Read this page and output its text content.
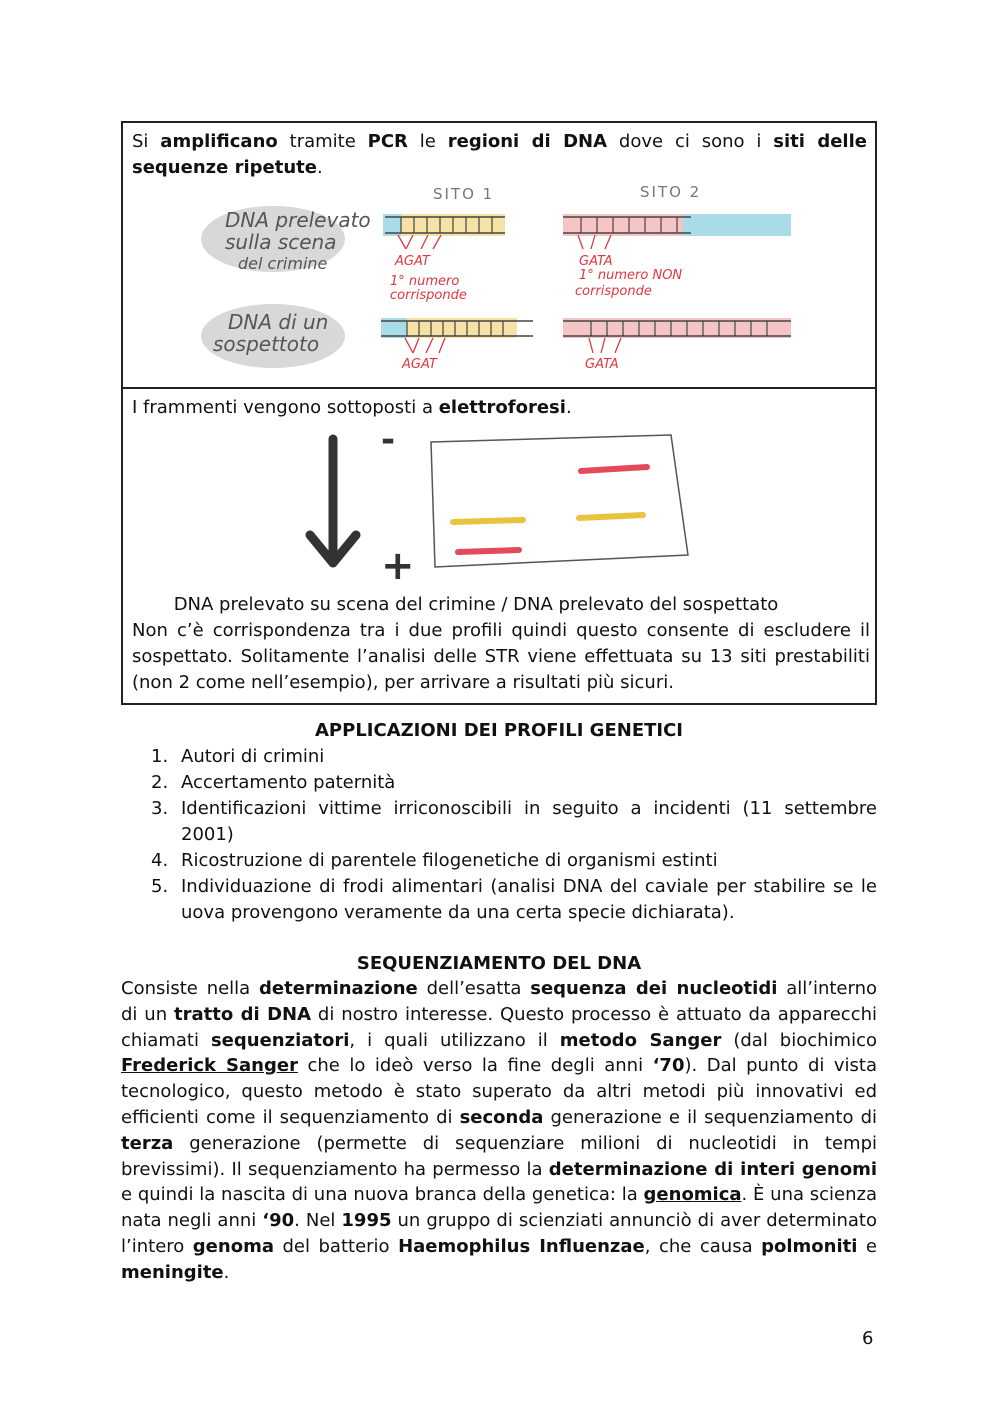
Si amplificano tramite PCR le regioni di DNA dove ci sono i siti delle sequenze ripetute.
DNA prelevato
sulla scena
del crimine
DNA di un
sospettoto
SITO 1	SITO 2
AGAT	GATA
1° numero
corrisponde
1° numero NON
corrisponde
AGAT	GATA
I frammenti vengono sottoposti a elettroforesi.
-
+
DNA prelevato su scena del crimine / DNA prelevato del sospettato
Non c’è corrispondenza tra i due profili quindi questo consente di escludere il sospettato. Solitamente l’analisi delle STR viene effettuata su 13 siti prestabiliti (non 2 come nell’esempio), per arrivare a risultati più sicuri.
APPLICAZIONI DEI PROFILI GENETICI
1. Autori di crimini
2. Accertamento paternità
3. Identificazioni vittime irriconoscibili in seguito a incidenti (11 settembre 2001)
4. Ricostruzione di parentele filogenetiche di organismi estinti
5. Individuazione di frodi alimentari (analisi DNA del caviale per stabilire se le uova provengono veramente da una certa specie dichiarata).
SEQUENZIAMENTO DEL DNA

Consiste nella determinazione dell’esatta sequenza dei nucleotidi all’interno di un tratto di DNA di nostro interesse. Questo processo è attuato da apparecchi chiamati sequenziatori, i quali utilizzano il metodo Sanger (dal biochimico Frederick Sanger che lo ideò verso la fine degli anni ‘70). Dal punto di vista tecnologico, questo metodo è stato superato da altri metodi più innovativi ed efficienti come il sequenziamento di seconda generazione e il sequenziamento di terza generazione (permette di sequenziare milioni di nucleotidi in tempi brevissimi). Il sequenziamento ha permesso la determinazione di interi genomi e quindi la nascita di una nuova branca della genetica: la genomica. È una scienza nata negli anni ‘90. Nel 1995 un gruppo di scienziati annunciò di aver determinato l’intero genoma del batterio Haemophilus Influenzae, che causa polmoniti e meningite.

6
